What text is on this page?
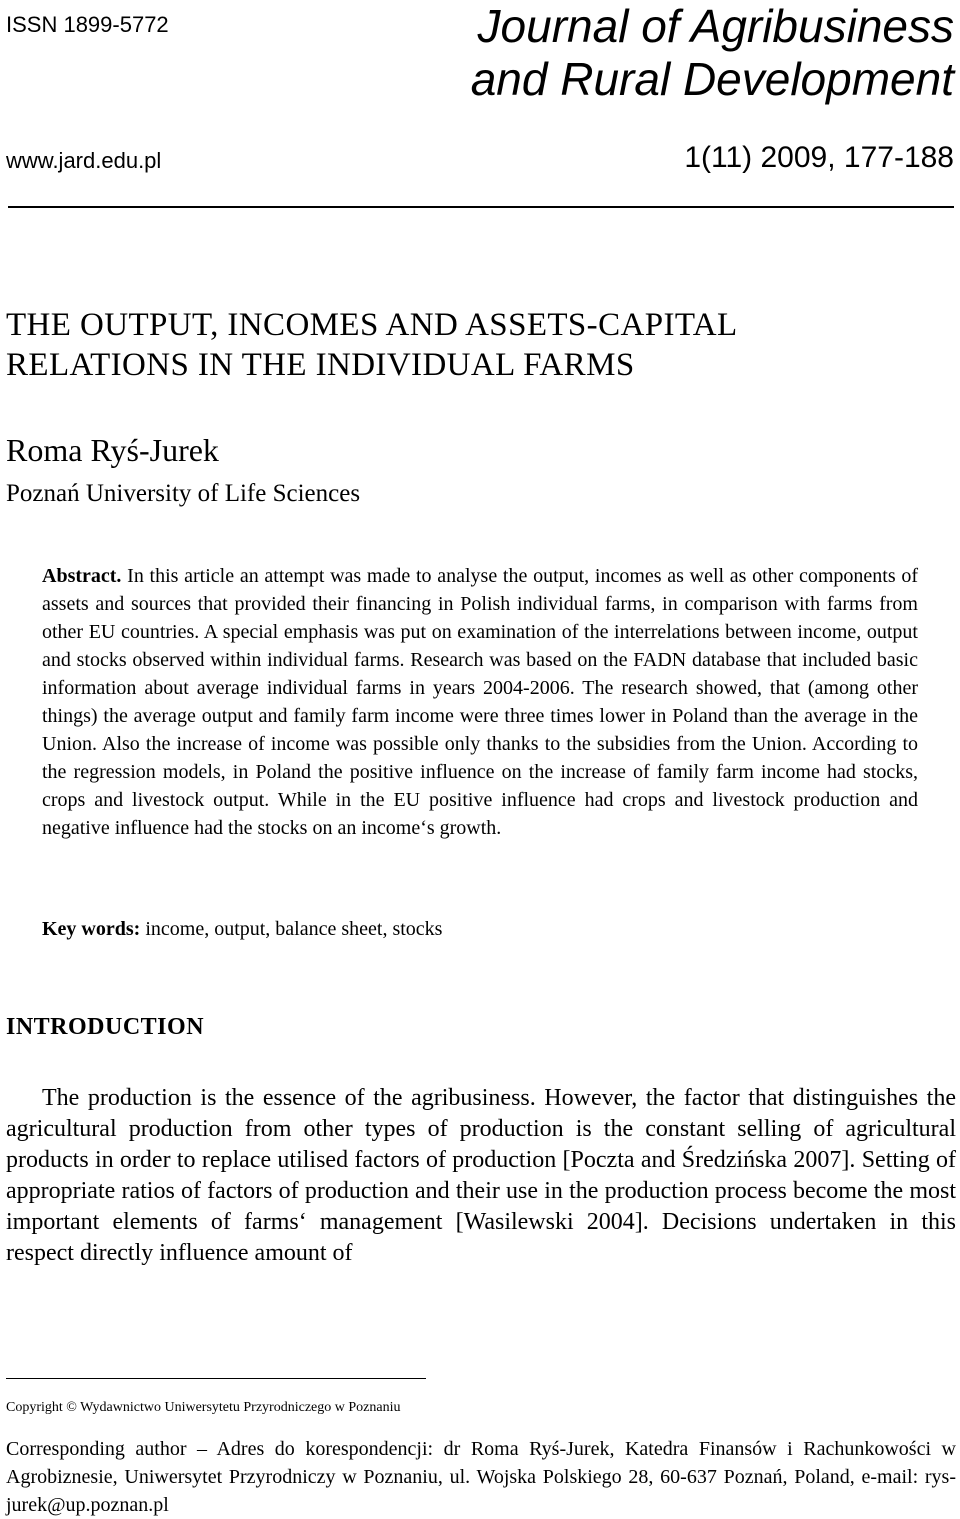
ISSN 1899-5772	Journal of Agribusiness
and Rural Development
www.jard.edu.pl	1(11) 2009, 177-188
THE OUTPUT, INCOMES AND ASSETS-CAPITAL
RELATIONS IN THE INDIVIDUAL FARMS
Roma Ryś-Jurek
Poznań University of Life Sciences

Abstract. In this article an attempt was made to analyse the output, incomes as well as other components of assets and sources that provided their financing in Polish individual farms, in comparison with farms from other EU countries. A special emphasis was put on examination of the interrelations between income, output and stocks observed within individual farms. Research was based on the FADN database that included basic information about average individual farms in years 2004-2006. The research showed, that (among other things) the average output and family farm income were three times lower in Poland than the average in the Union. Also the increase of income was possible only thanks to the subsidies from the Union. According to the regression models, in Poland the positive influence on the increase of family farm income had stocks, crops and livestock output. While in the EU positive influence had crops and livestock production and negative influence had the stocks on an income‘s growth.

Key words: income, output, balance sheet, stocks
INTRODUCTION

The production is the essence of the agribusiness. However, the factor that distinguishes the agricultural production from other types of production is the constant selling of agricultural products in order to replace utilised factors of production [Poczta and Średzińska 2007]. Setting of appropriate ratios of factors of production and their use in the production process become the most important elements of farms‘ management [Wasilewski 2004]. Decisions undertaken in this respect directly influence amount of

Copyright © Wydawnictwo Uniwersytetu Przyrodniczego w Poznaniu

Corresponding author – Adres do korespondencji: dr Roma Ryś-Jurek, Katedra Finansów i Rachunkowości w Agrobiznesie, Uniwersytet Przyrodniczy w Poznaniu, ul. Wojska Polskiego 28, 60-637 Poznań, Poland, e-mail: rys-jurek@up.poznan.pl
